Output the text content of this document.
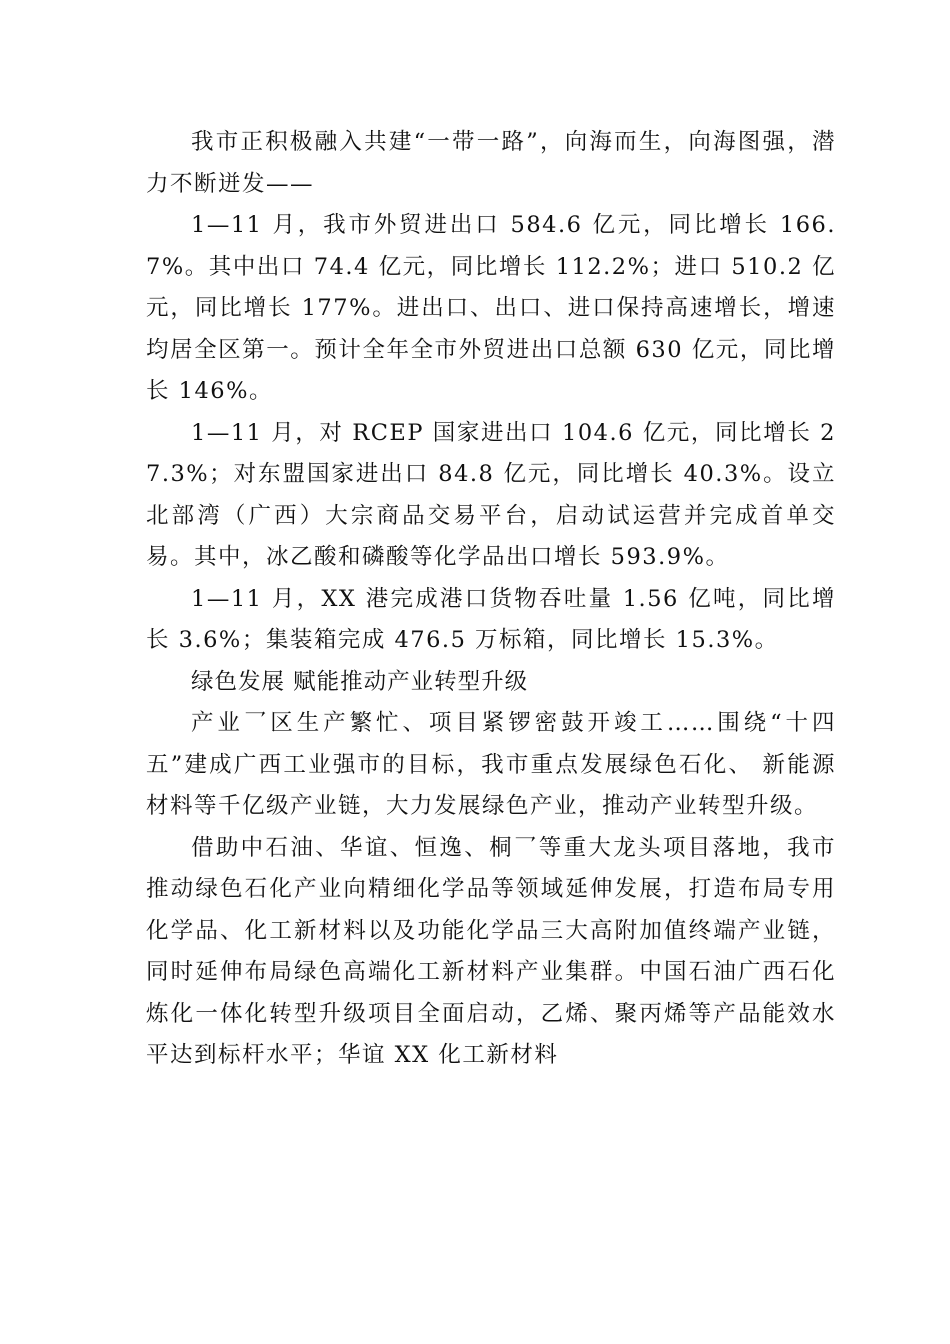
我市正积极融入共建“一带一路”，向海而生，向海图强，潜力不断迸发——

1—11 月，我市外贸进出口 584.6 亿元，同比增长 166.7%。其中出口 74.4 亿元，同比增长 112.2%；进口 510.2 亿元，同比增长 177%。进出口、出口、进口保持高速增长，增速均居全区第一。预计全年全市外贸进出口总额 630 亿元，同比增长 146%。

1—11 月，对 RCEP 国家进出口 104.6 亿元，同比增长 27.3%；对东盟国家进出口 84.8 亿元，同比增长 40.3%。设立北部湾（广西）大宗商品交易平台，启动试运营并完成首单交易。其中，冰乙酸和磷酸等化学品出口增长 593.9%。

1—11 月，XX 港完成港口货物吞吐量 1.56 亿吨，同比增长 3.6%；集装箱完成 476.5 万标箱，同比增长 15.3%。

绿色发展 赋能推动产业转型升级

产业⺂区生产繁忙、项目紧锣密鼓开竣工……围绕“十四五”建成广西工业强市的目标，我市重点发展绿色石化、 新能源材料等千亿级产业链，大力发展绿色产业，推动产业转型升级。

借助中石油、华谊、恒逸、桐⺂等重大龙头项目落地，我市推动绿色石化产业向精细化学品等领域延伸发展，打造布局专用化学品、化工新材料以及功能化学品三大高附加值终端产业链，同时延伸布局绿色高端化工新材料产业集群。中国石油广西石化炼化一体化转型升级项目全面启动，乙烯、聚丙烯等产品能效水平达到标杆水平；华谊 XX 化工新材料
